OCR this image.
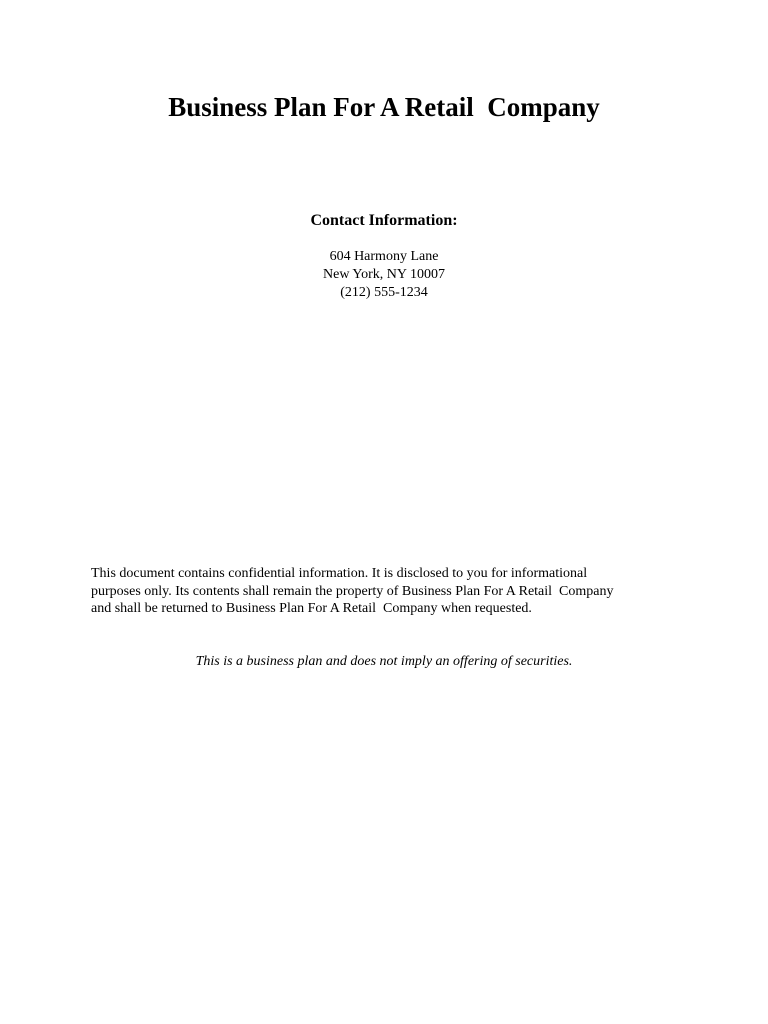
Business Plan For A Retail  Company
Contact Information:
604 Harmony Lane
New York, NY 10007
(212) 555-1234

This document contains confidential information. It is disclosed to you for informational
purposes only. Its contents shall remain the property of Business Plan For A Retail  Company
and shall be returned to Business Plan For A Retail  Company when requested.

This is a business plan and does not imply an offering of securities.
